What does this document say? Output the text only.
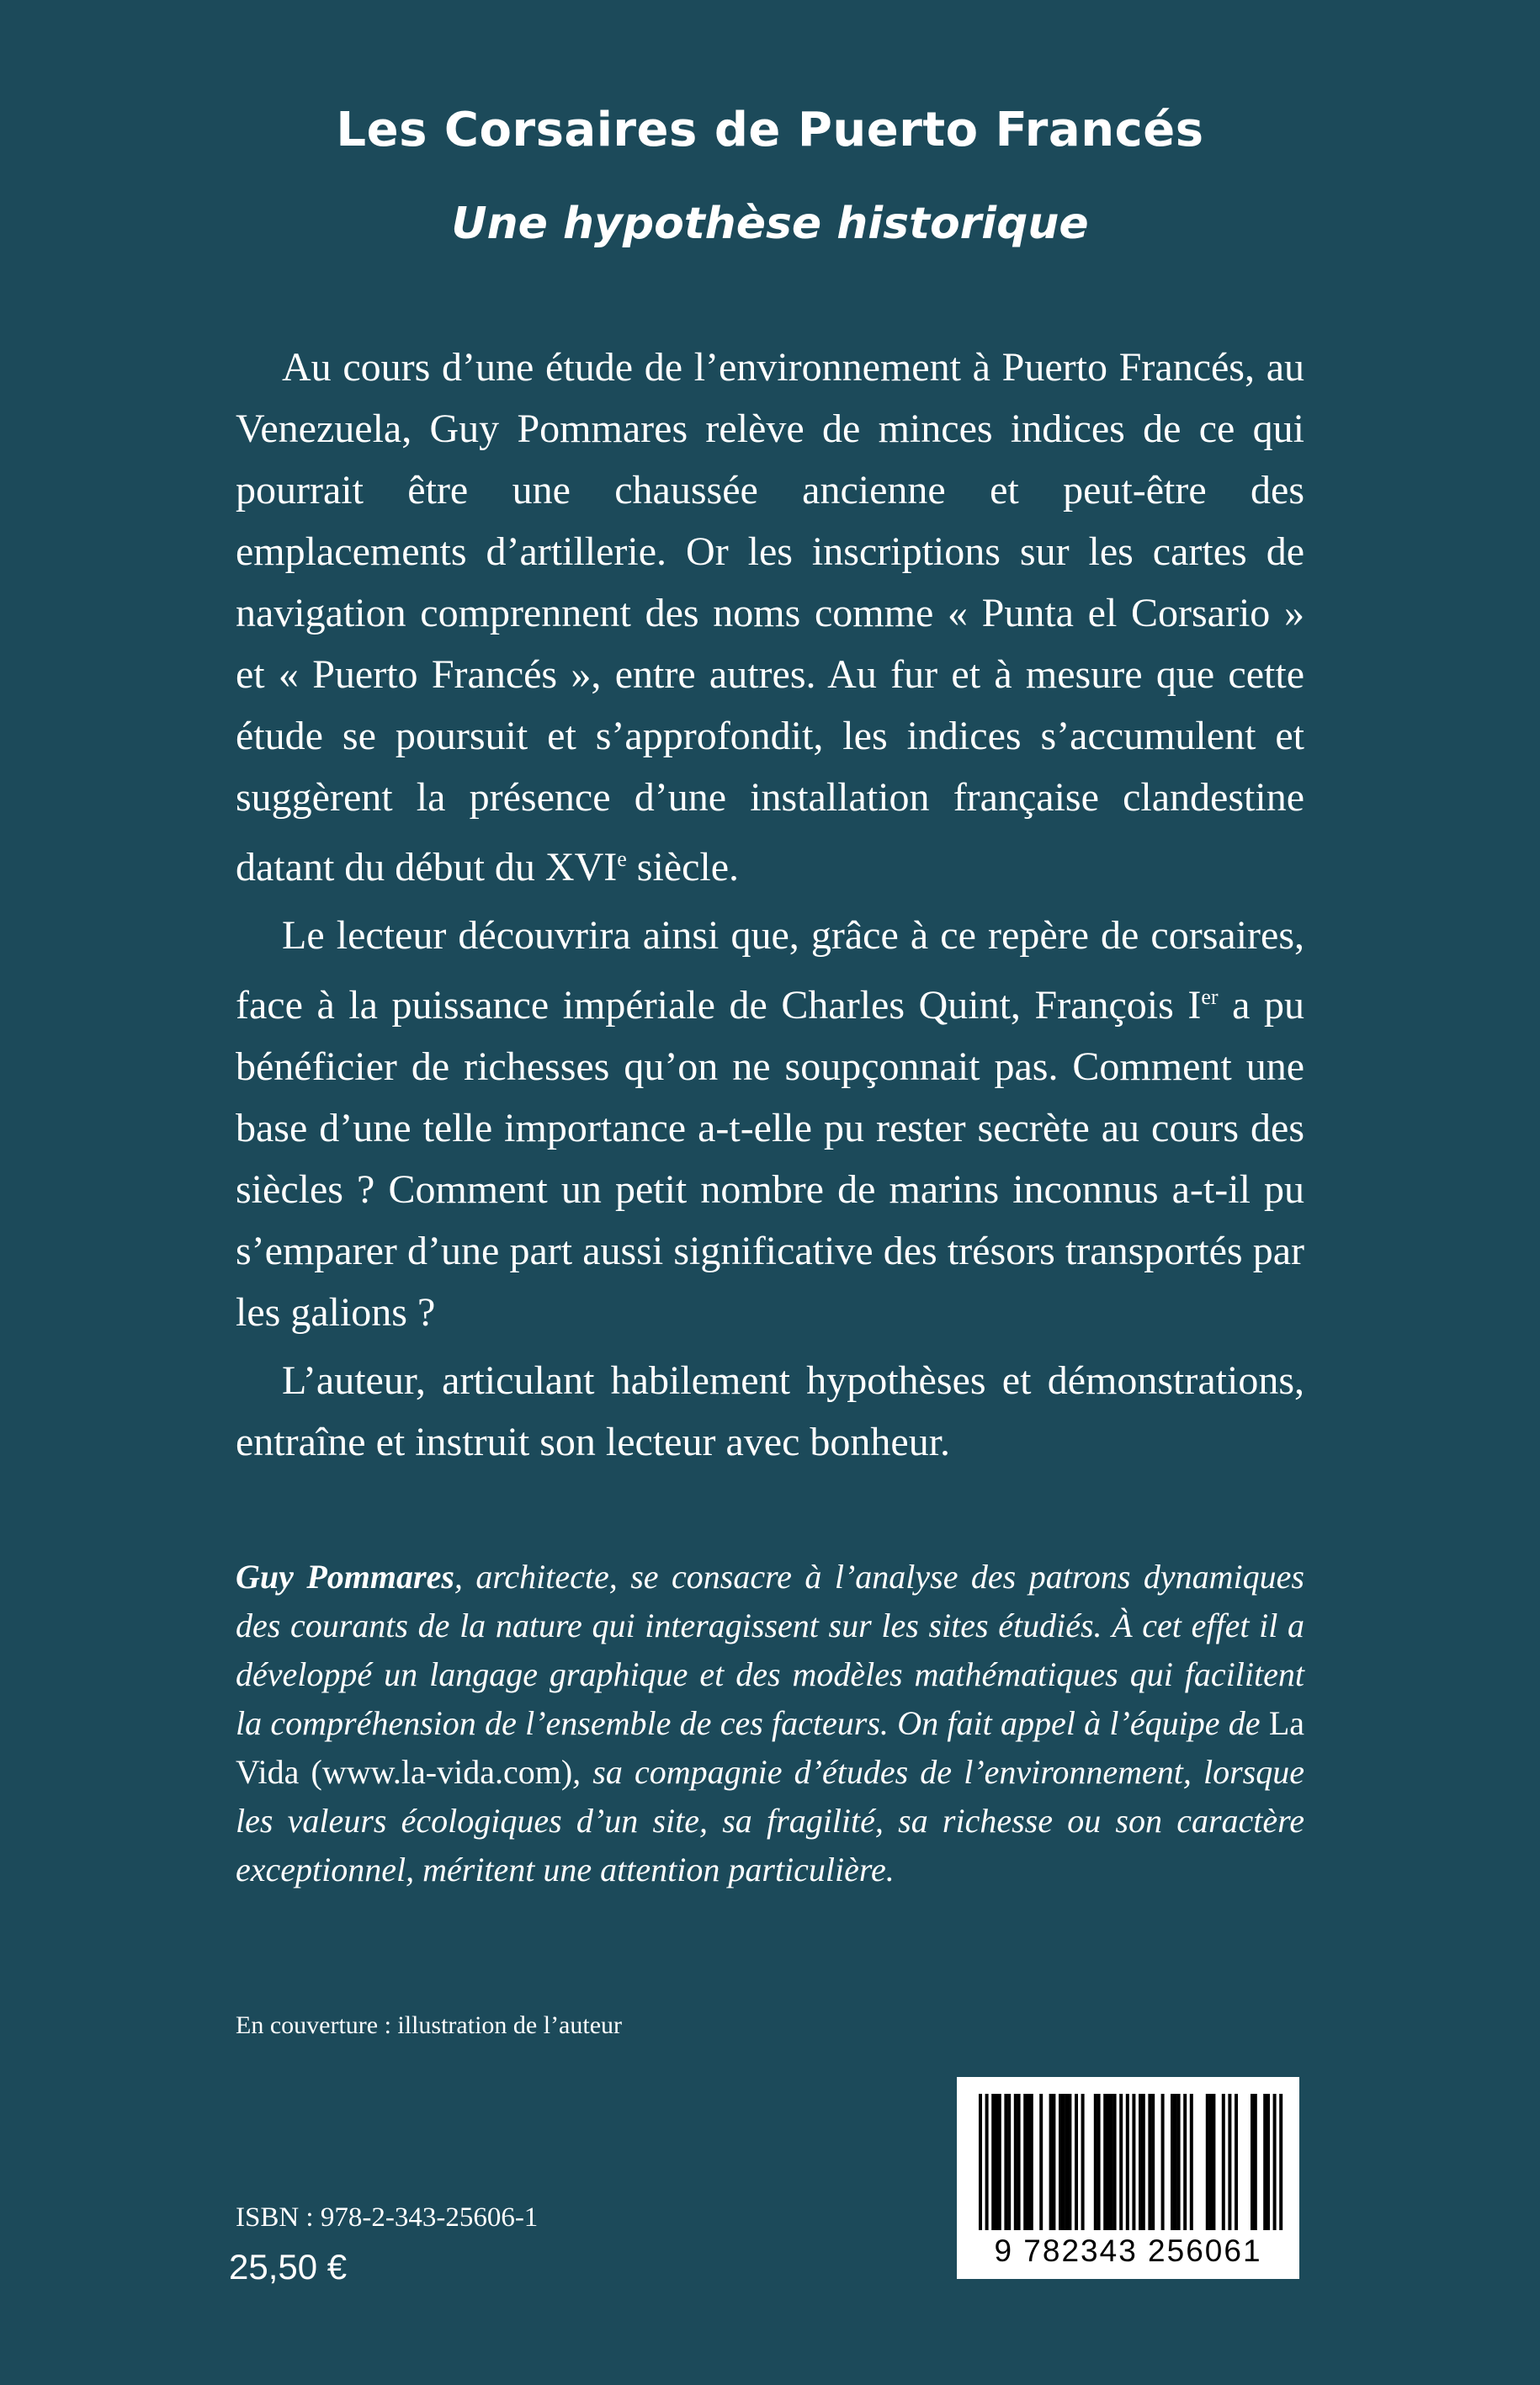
Les Corsaires de Puerto Francés
Une hypothèse historique

Au cours d’une étude de l’environnement à Puerto Francés, au Venezuela, Guy Pommares relève de minces indices de ce qui pourrait être une chaussée ancienne et peut-être des emplacements d’artillerie. Or les inscriptions sur les cartes de navigation comprennent des noms comme « Punta el Corsario » et « Puerto Francés », entre autres. Au fur et à mesure que cette étude se poursuit et s’approfondit, les indices s’accumulent et suggèrent la présence d’une installation française clandestine datant du début du XVIe siècle.

Le lecteur découvrira ainsi que, grâce à ce repère de corsaires, face à la puissance impériale de Charles Quint, François Ier a pu bénéficier de richesses qu’on ne soupçonnait pas. Comment une base d’une telle importance a-t-elle pu rester secrète au cours des siècles ? Comment un petit nombre de marins inconnus a-t-il pu s’emparer d’une part aussi significative des trésors transportés par les galions ?

L’auteur, articulant habilement hypothèses et démonstrations, entraîne et instruit son lecteur avec bonheur.

Guy Pommares, architecte, se consacre à l’analyse des patrons dynamiques des courants de la nature qui interagissent sur les sites étudiés. À cet effet il a développé un langage graphique et des modèles mathématiques qui facilitent la compréhension de l’ensemble de ces facteurs. On fait appel à l’équipe de La Vida (www.la-vida.com), sa compagnie d’études de l’environnement, lorsque les valeurs écologiques d’un site, sa fragilité, sa richesse ou son caractère exceptionnel, méritent une attention particulière.

En couverture : illustration de l’auteur

ISBN : 978-2-343-25606-1

25,50 €	9 782343 256061
